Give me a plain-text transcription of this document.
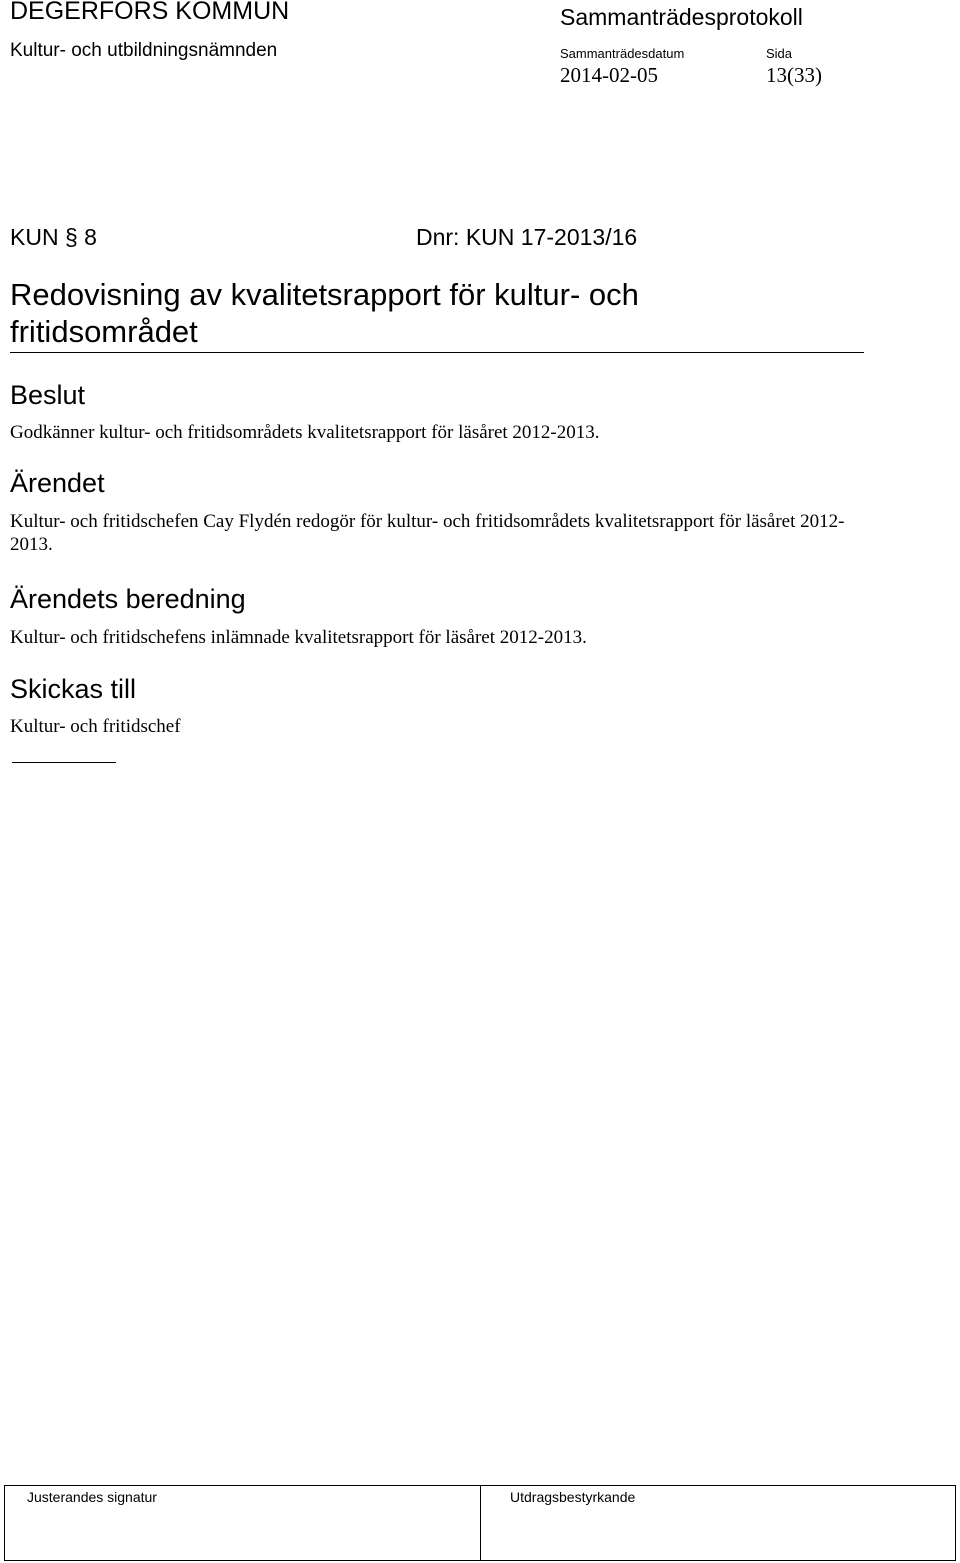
DEGERFORS KOMMUN
Kultur- och utbildningsnämnden
Sammanträdesprotokoll
Sammanträdesdatum	Sida
2014-02-05	13(33)
KUN § 8	Dnr: KUN 17-2013/16
Redovisning av kvalitetsrapport för kultur- och fritidsområdet
Beslut
Godkänner kultur- och fritidsområdets kvalitetsrapport för läsåret 2012-2013.
Ärendet
Kultur- och fritidschefen Cay Flydén redogör för kultur- och fritidsområdets kvalitetsrapport för läsåret 2012-2013.
Ärendets beredning
Kultur- och fritidschefens inlämnade kvalitetsrapport för läsåret 2012-2013.
Skickas till
Kultur- och fritidschef
Justerandes signatur	Utdragsbestyrkande
